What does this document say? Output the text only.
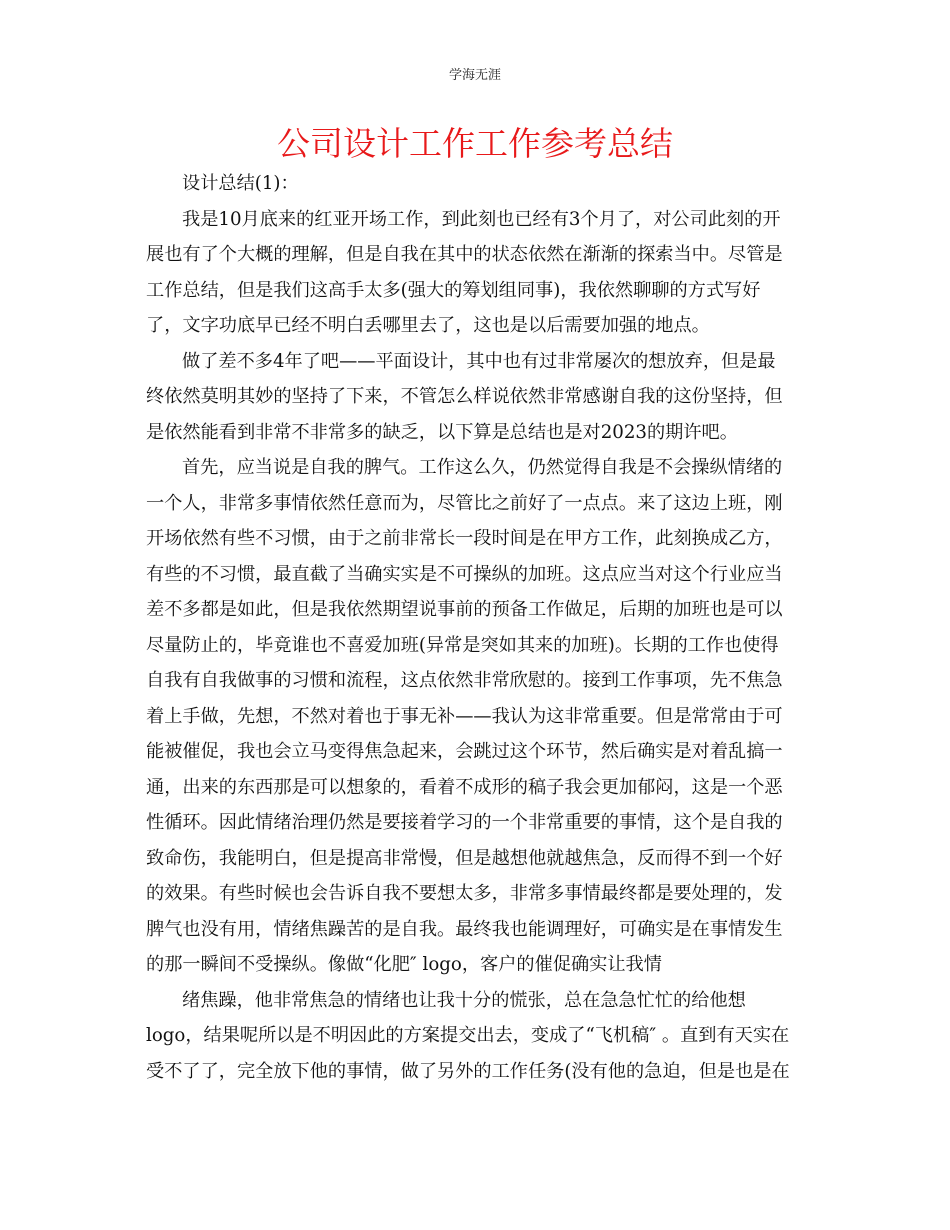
学海无涯
公司设计工作工作参考总结
设计总结(1)：
我是10月底来的红亚开场工作，到此刻也已经有3个月了，对公司此刻的开
展也有了个大概的理解，但是自我在其中的状态依然在渐渐的探索当中。尽管是
工作总结，但是我们这高手太多(强大的筹划组同事)，我依然聊聊的方式写好
了，文字功底早已经不明白丢哪里去了，这也是以后需要加强的地点。
做了差不多4年了吧——平面设计，其中也有过非常屡次的想放弃，但是最
终依然莫明其妙的坚持了下来，不管怎么样说依然非常感谢自我的这份坚持，但
是依然能看到非常不非常多的缺乏，以下算是总结也是对2023的期许吧。
首先，应当说是自我的脾气。工作这么久，仍然觉得自我是不会操纵情绪的
一个人，非常多事情依然任意而为，尽管比之前好了一点点。来了这边上班，刚
开场依然有些不习惯，由于之前非常长一段时间是在甲方工作，此刻换成乙方，
有些的不习惯，最直截了当确实实是不可操纵的加班。这点应当对这个行业应当
差不多都是如此，但是我依然期望说事前的预备工作做足，后期的加班也是可以
尽量防止的，毕竟谁也不喜爱加班(异常是突如其来的加班)。长期的工作也使得
自我有自我做事的习惯和流程，这点依然非常欣慰的。接到工作事项，先不焦急
着上手做，先想，不然对着也于事无补——我认为这非常重要。但是常常由于可
能被催促，我也会立马变得焦急起来，会跳过这个环节，然后确实是对着乱搞一
通，出来的东西那是可以想象的，看着不成形的稿子我会更加郁闷，这是一个恶
性循环。因此情绪治理仍然是要接着学习的一个非常重要的事情，这个是自我的
致命伤，我能明白，但是提高非常慢，但是越想他就越焦急，反而得不到一个好
的效果。有些时候也会告诉自我不要想太多，非常多事情最终都是要处理的，发
脾气也没有用，情绪焦躁苦的是自我。最终我也能调理好，可确实是在事情发生
的那一瞬间不受操纵。像做“化肥″ logo，客户的催促确实让我情
绪焦躁，他非常焦急的情绪也让我十分的慌张，总在急急忙忙的给他想
logo，结果呢所以是不明因此的方案提交出去，变成了“飞机稿″ 。直到有天实在
受不了了，完全放下他的事情，做了另外的工作任务(没有他的急迫，但是也是在
